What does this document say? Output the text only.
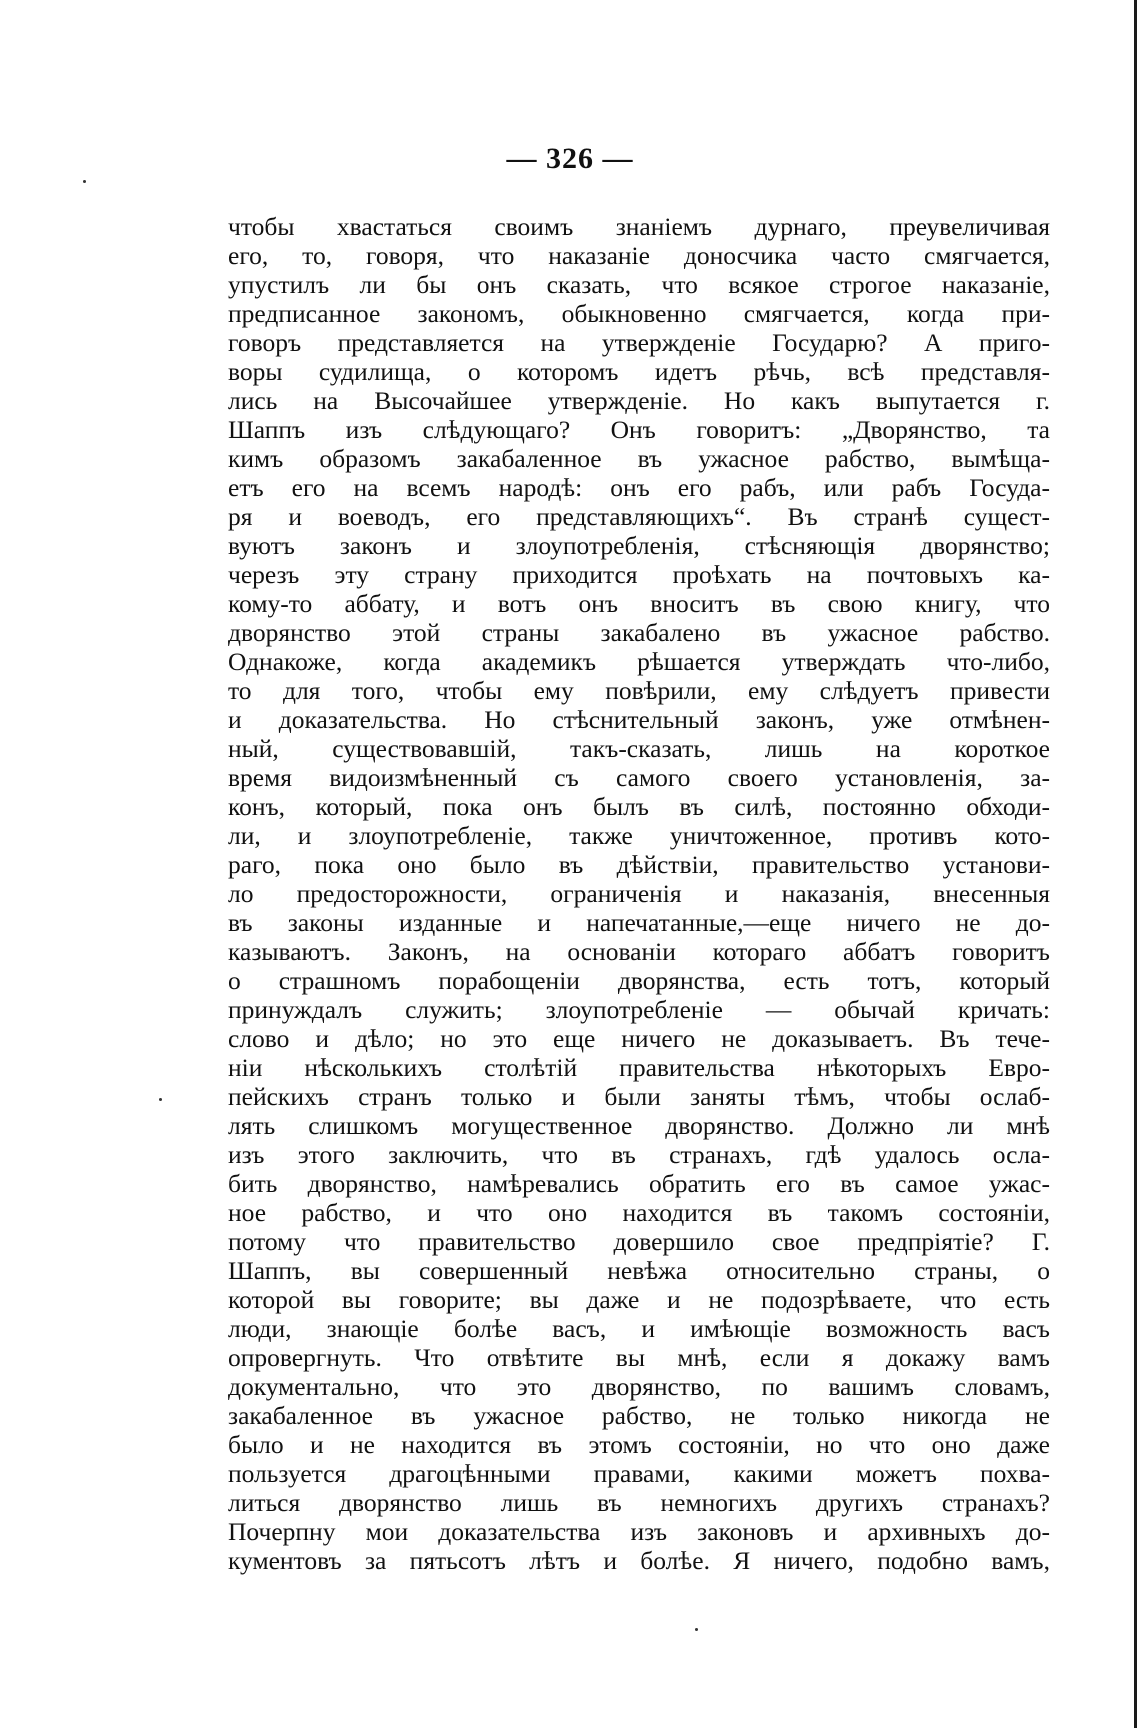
— 326 —
чтобы хвастаться своимъ знаніемъ дурнаго, преувеличивая
его, то, говоря, что наказаніе доносчика часто смягчается,
упустилъ ли бы онъ сказать, что всякое строгое наказаніе,
предписанное закономъ, обыкновенно смягчается, когда при-
говоръ представляется на утвержденіе Государю? А приго-
воры судилища, о которомъ идетъ рѣчь, всѣ представля-
лись на Высочайшее утвержденіе. Но какъ выпутается г.
Шаппъ изъ слѣдующаго? Онъ говоритъ: „Дворянство, та
кимъ образомъ закабаленное въ ужасное рабство, вымѣща-
етъ его на всемъ народѣ: онъ его рабъ, или рабъ Госуда-
ря и воеводъ, его представляющихъ“. Въ странѣ сущест-
вуютъ законъ и злоупотребленія, стѣсняющія дворянство;
черезъ эту страну приходится проѣхать на почтовыхъ ка-
кому-то аббату, и вотъ онъ вноситъ въ свою книгу, что
дворянство этой страны закабалено въ ужасное рабство.
Однакоже, когда академикъ рѣшается утверждать что-либо,
то для того, чтобы ему повѣрили, ему слѣдуетъ привести
и доказательства. Но стѣснительный законъ, уже отмѣнен-
ный, существовавшій, такъ-сказать, лишь на короткое
время видоизмѣненный съ самого своего установленія, за-
конъ, который, пока онъ былъ въ силѣ, постоянно обходи-
ли, и злоупотребленіе, также уничтоженное, противъ кото-
раго, пока оно было въ дѣйствіи, правительство установи-
ло предосторожности, ограниченія и наказанія, внесенныя
въ законы изданные и напечатанные,—еще ничего не до-
казываютъ. Законъ, на основаніи котораго аббатъ говоритъ
о страшномъ порабощеніи дворянства, есть тотъ, который
принуждалъ служить; злоупотребленіе — обычай кричать:
слово и дѣло; но это еще ничего не доказываетъ. Въ тече-
ніи нѣсколькихъ столѣтій правительства нѣкоторыхъ Евро-
пейскихъ странъ только и были заняты тѣмъ, чтобы ослаб-
лять слишкомъ могущественное дворянство. Должно ли мнѣ
изъ этого заключить, что въ странахъ, гдѣ удалось осла-
бить дворянство, намѣревались обратить его въ самое ужас-
ное рабство, и что оно находится въ такомъ состояніи,
потому что правительство довершило свое предпріятіе? Г.
Шаппъ, вы совершенный невѣжа относительно страны, о
которой вы говорите; вы даже и не подозрѣваете, что есть
люди, знающіе болѣе васъ, и имѣющіе возможность васъ
опровергнуть. Что отвѣтите вы мнѣ, если я докажу вамъ
документально, что это дворянство, по вашимъ словамъ,
закабаленное въ ужасное рабство, не только никогда не
было и не находится въ этомъ состояніи, но что оно даже
пользуется драгоцѣнными правами, какими можетъ похва-
литься дворянство лишь въ немногихъ другихъ странахъ?
Почерпну мои доказательства изъ законовъ и архивныхъ до-
кументовъ за пятьсотъ лѣтъ и болѣе. Я ничего, подобно вамъ,
